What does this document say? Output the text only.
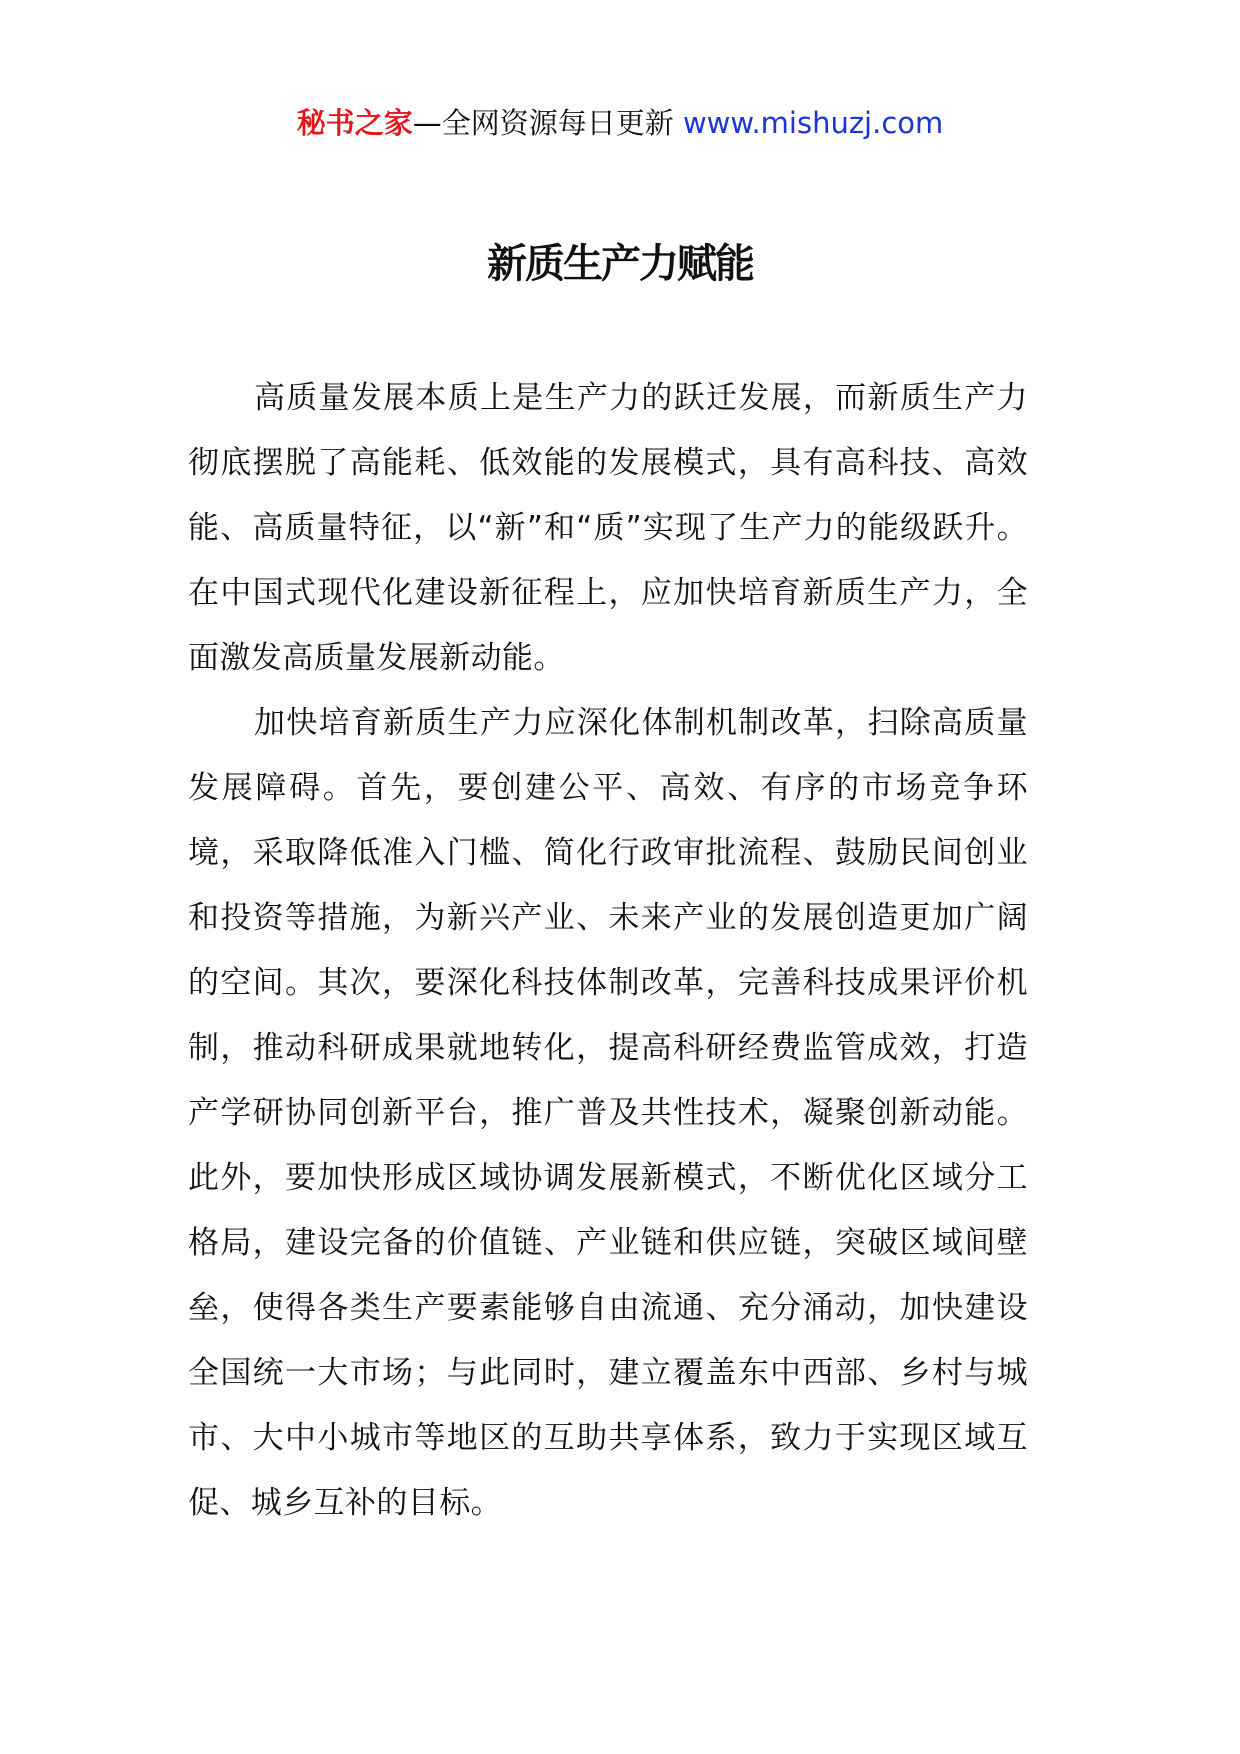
秘书之家—全网资源每日更新 www.mishuzj.com
新质生产力赋能

高质量发展本质上是生产力的跃迁发展，而新质生产力彻底摆脱了高能耗、低效能的发展模式，具有高科技、高效能、高质量特征，以“新”和“质”实现了生产力的能级跃升。在中国式现代化建设新征程上，应加快培育新质生产力，全面激发高质量发展新动能。

加快培育新质生产力应深化体制机制改革，扫除高质量发展障碍。首先，要创建公平、高效、有序的市场竞争环境，采取降低准入门槛、简化行政审批流程、鼓励民间创业和投资等措施，为新兴产业、未来产业的发展创造更加广阔的空间。其次，要深化科技体制改革，完善科技成果评价机制，推动科研成果就地转化，提高科研经费监管成效，打造产学研协同创新平台，推广普及共性技术，凝聚创新动能。此外，要加快形成区域协调发展新模式，不断优化区域分工格局，建设完备的价值链、产业链和供应链，突破区域间壁垒，使得各类生产要素能够自由流通、充分涌动，加快建设全国统一大市场；与此同时，建立覆盖东中西部、乡村与城市、大中小城市等地区的互助共享体系，致力于实现区域互促、城乡互补的目标。
